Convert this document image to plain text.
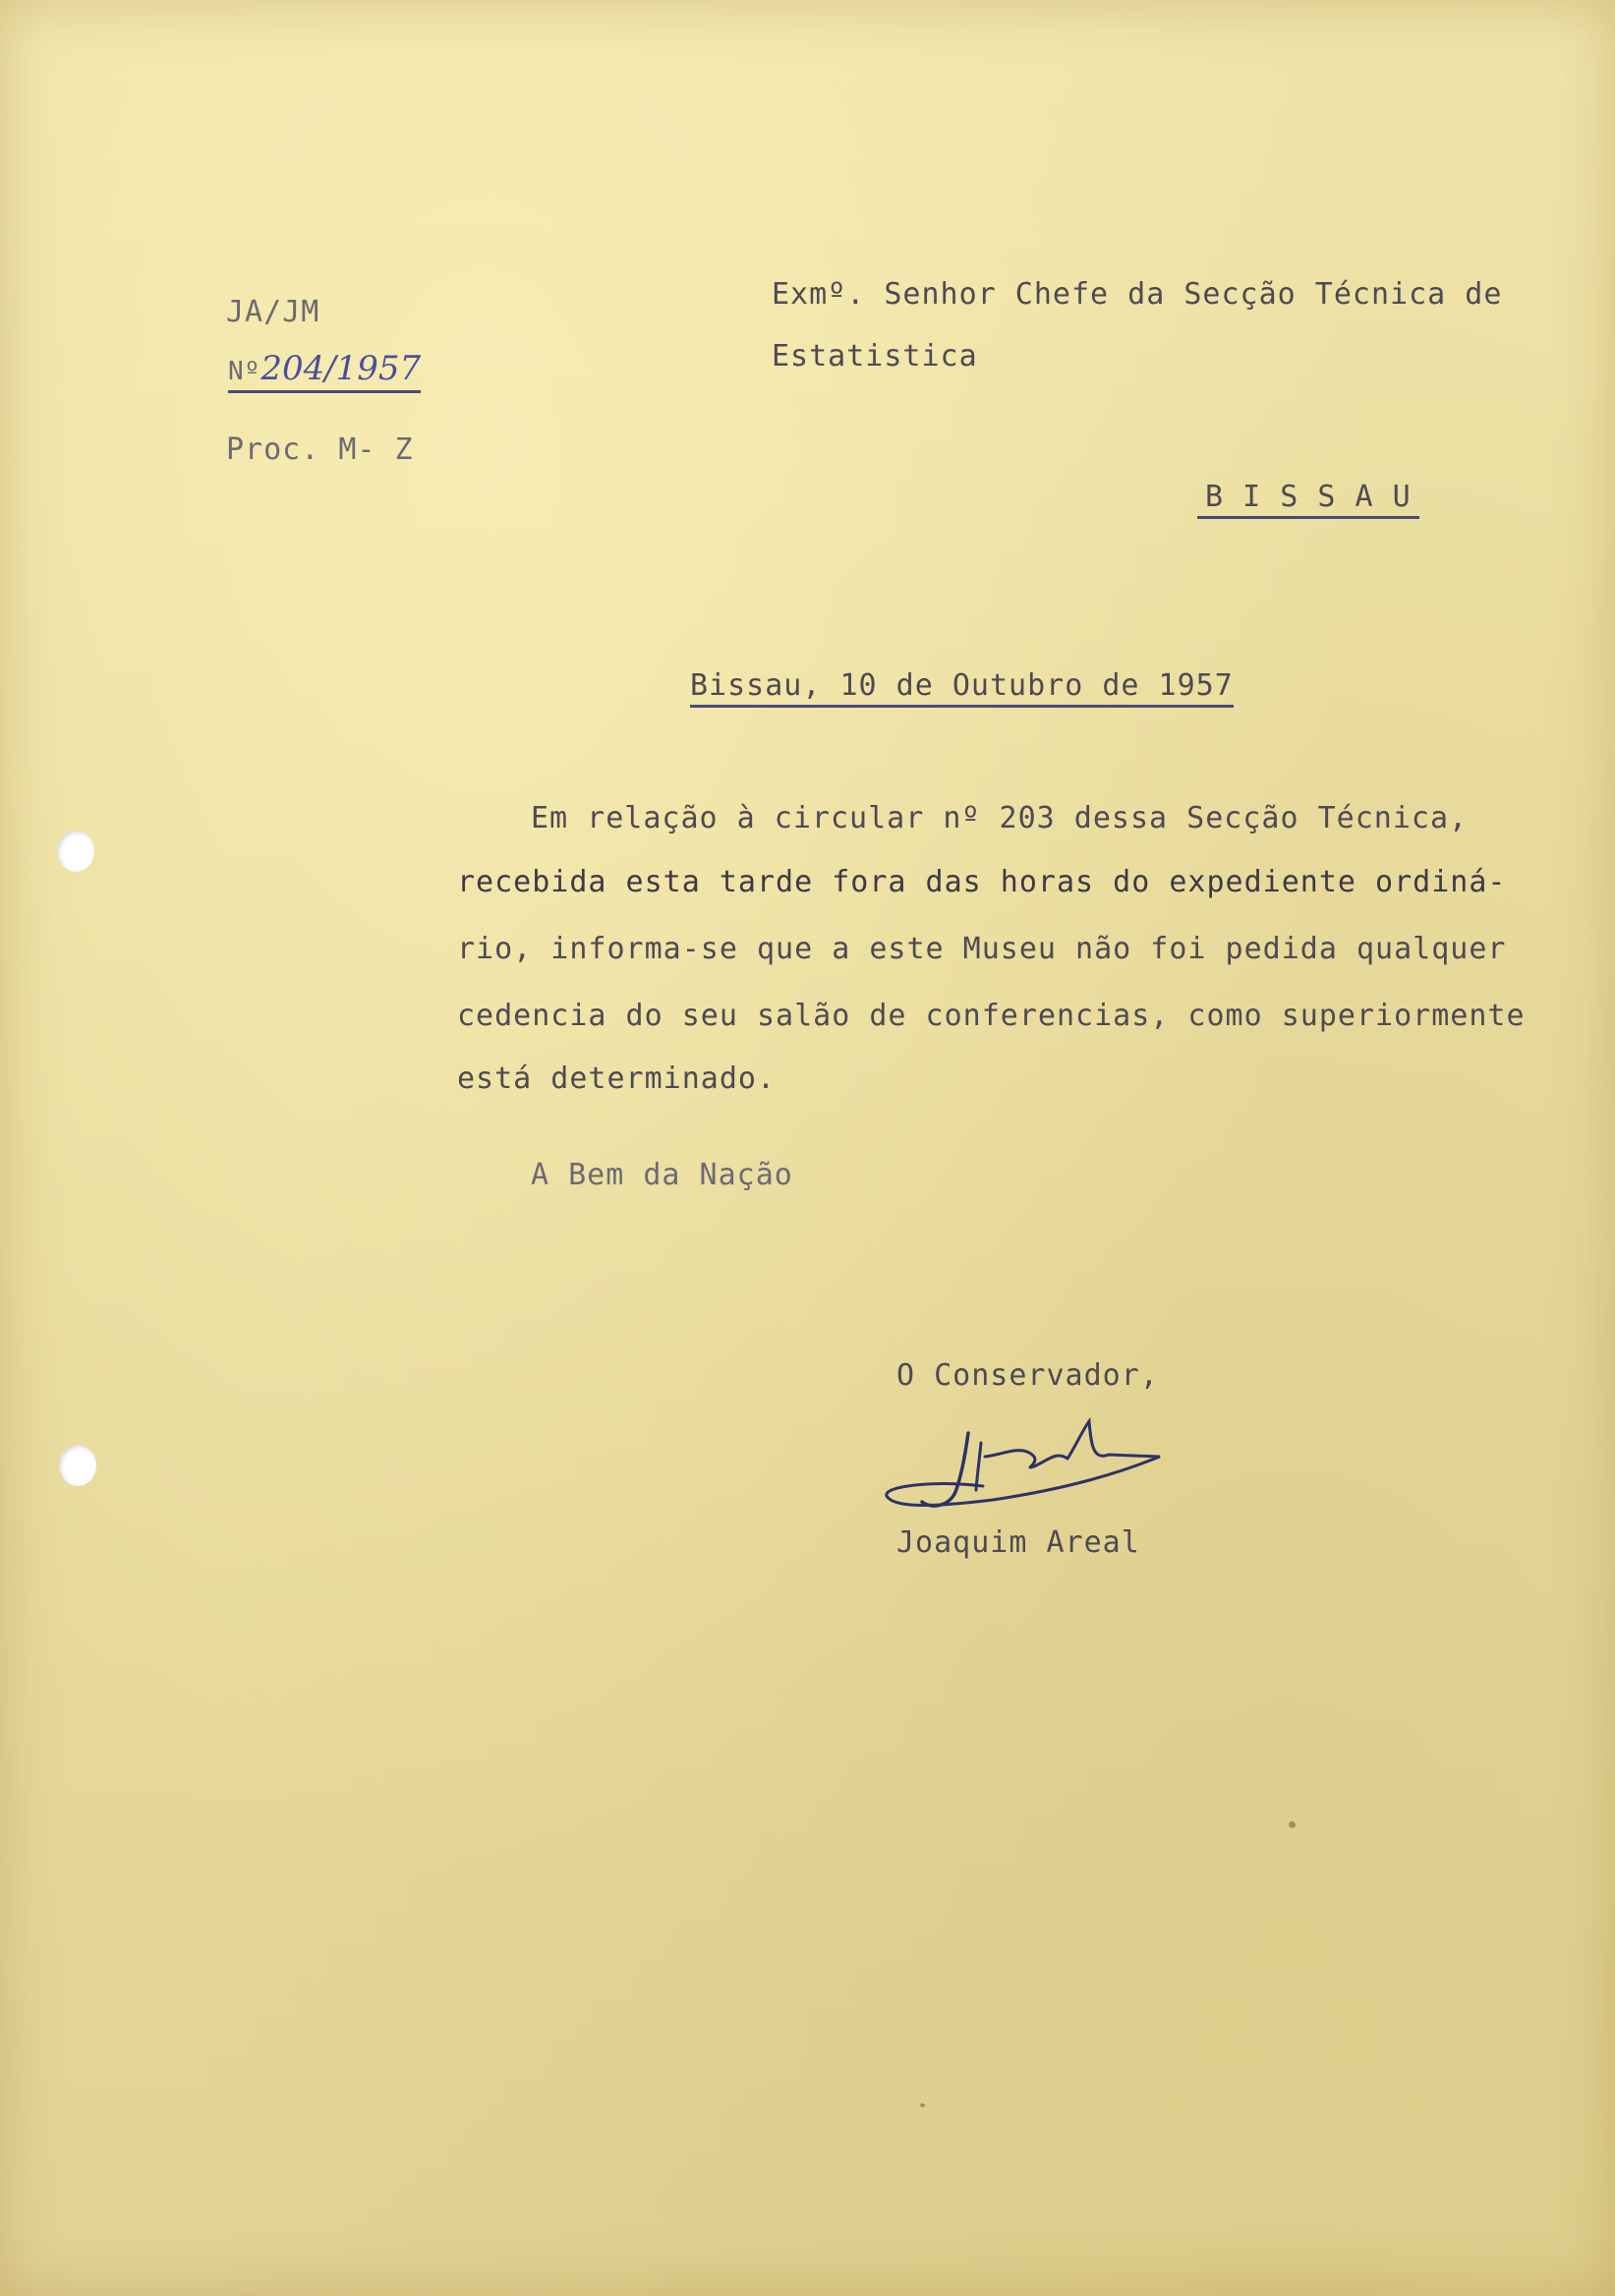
JA/JM
Nº204/1957
Proc. M- Z
Exmº. Senhor Chefe da Secção Técnica de
Estatistica
B I S S A U
Bissau, 10 de Outubro de 1957
Em relação à circular nº 203 dessa Secção Técnica,
recebida esta tarde fora das horas do expediente ordiná-
rio, informa-se que a este Museu não foi pedida qualquer
cedencia do seu salão de conferencias, como superiormente
está determinado.
A Bem da Nação
O Conservador,
Joaquim Areal
